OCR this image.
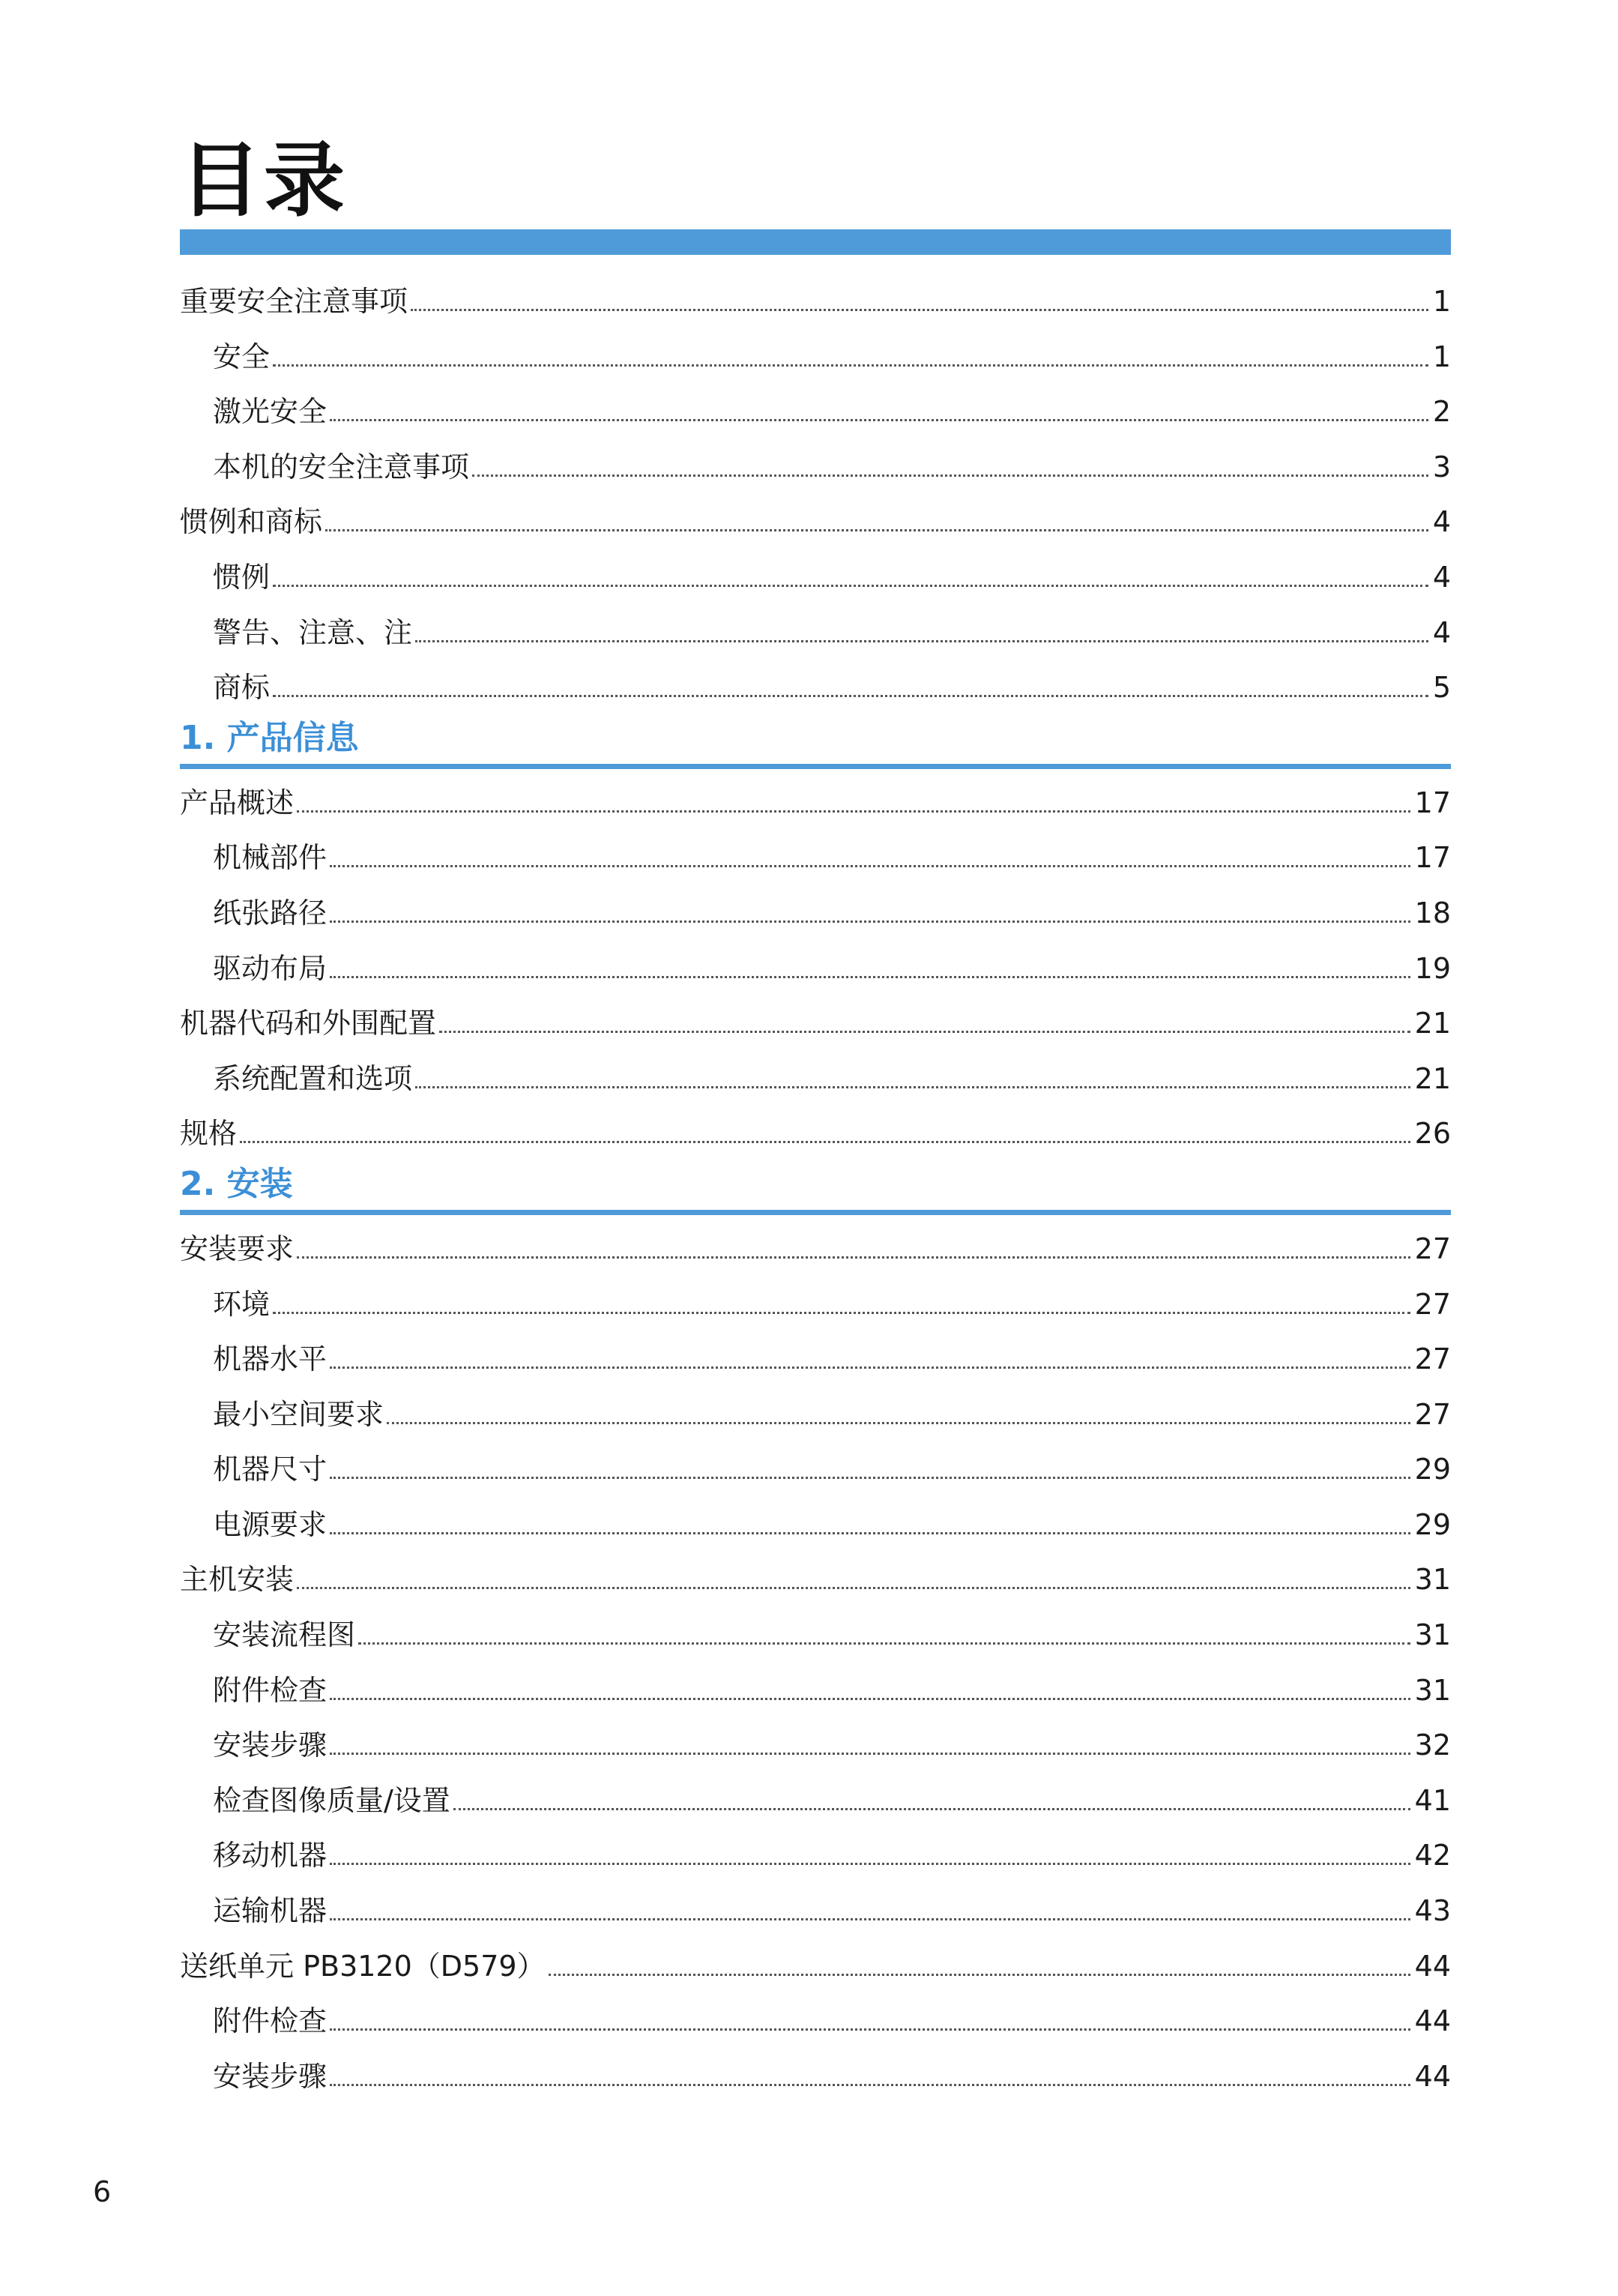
目录
重要安全注意事项	1
安全	1
激光安全	2
本机的安全注意事项	3
惯例和商标	4
惯例	4
警告、注意、注	4
商标	5
1. 产品信息
产品概述	17
机械部件	17
纸张路径	18
驱动布局	19
机器代码和外围配置	21
系统配置和选项	21
规格	26
2. 安装
安装要求	27
环境	27
机器水平	27
最小空间要求	27
机器尺寸	29
电源要求	29
主机安装	31
安装流程图	31
附件检查	31
安装步骤	32
检查图像质量/设置	41
移动机器	42
运输机器	43
送纸单元 PB3120（D579）	44
附件检查	44
安装步骤	44
6
